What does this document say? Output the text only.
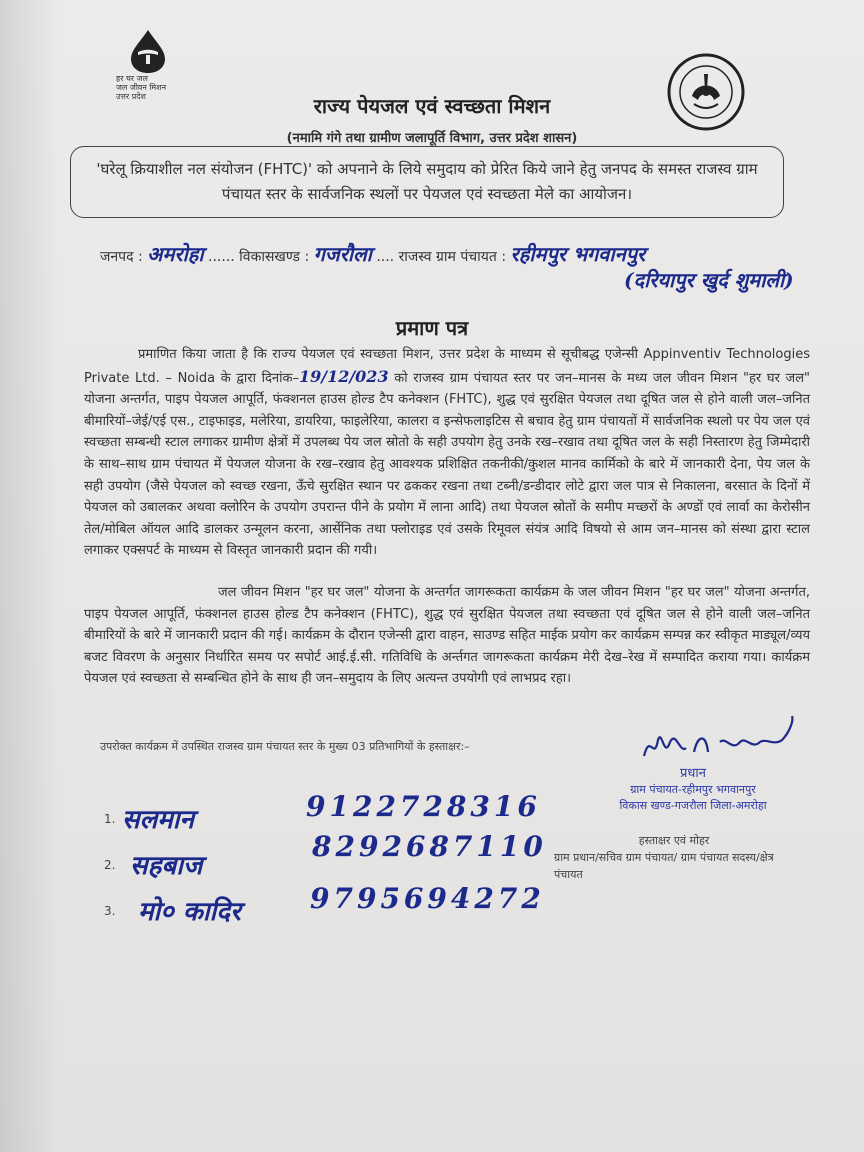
हर घर जल
जल जीवन मिशन
उत्तर प्रदेश	राज्य पेयजल एवं स्वच्छता मिशन
(नमामि गंगे तथा ग्रामीण जलापूर्ति विभाग, उत्तर प्रदेश शासन)
'घरेलू क्रियाशील नल संयोजन (FHTC)' को अपनाने के लिये समुदाय को प्रेरित किये जाने हेतु जनपद के समस्त राजस्व ग्राम पंचायत स्तर के सार्वजनिक स्थलों पर पेयजल एवं स्वच्छता मेले का आयोजन।
जनपद : अमरोहा ...... विकासखण्ड : गजरौला .... राजस्व ग्राम पंचायत : रहीमपुर भगवानपुर
(दरियापुर खुर्द शुमाली)
प्रमाण पत्र
प्रमाणित किया जाता है कि राज्य पेयजल एवं स्वच्छता मिशन, उत्तर प्रदेश के माध्यम से सूचीबद्ध एजेन्सी Appinventiv Technologies Private Ltd. – Noida के द्वारा दिनांक–19/12/023 को राजस्व ग्राम पंचायत स्तर पर जन–मानस के मध्य जल जीवन मिशन "हर घर जल" योजना अन्तर्गत, पाइप पेयजल आपूर्ति, फंक्शनल हाउस होल्ड टैप कनेक्शन (FHTC), शुद्ध एवं सुरक्षित पेयजल तथा दूषित जल से होने वाली जल–जनित बीमारियों–जेई/एई एस., टाइफाइड, मलेरिया, डायरिया, फाइलेरिया, कालरा व इन्सेफलाइटिस से बचाव हेतु ग्राम पंचायतों में सार्वजनिक स्थलो पर पेय जल एवं स्वच्छता सम्बन्धी स्टाल लगाकर ग्रामीण क्षेत्रों में उपलब्ध पेय जल स्रोतो के सही उपयोग हेतु उनके रख–रखाव तथा दूषित जल के सही निस्तारण हेतु जिम्मेदारी के साथ–साथ ग्राम पंचायत में पेयजल योजना के रख–रखाव हेतु आवश्यक प्रशिक्षित तकनीकी/कुशल मानव कार्मिको के बारे में जानकारी देना, पेय जल के सही उपयोग (जैसे पेयजल को स्वच्छ रखना, ऊँचे सुरक्षित स्थान पर ढककर रखना तथा टब्नी/डन्डीदार लोटे द्वारा जल पात्र से निकालना, बरसात के दिनों में पेयजल को उबालकर अथवा क्लोरिन के उपयोग उपरान्त पीने के प्रयोग में लाना आदि) तथा पेयजल स्रोतों के समीप मच्छरों के अण्डों एवं लार्वा का केरोसीन तेल/मोबिल ऑयल आदि डालकर उन्मूलन करना, आर्सेनिक तथा फ्लोराइड एवं उसके रिमूवल संयंत्र आदि विषयो से आम जन–मानस को संस्था द्वारा स्टाल लगाकर एक्सपर्ट के माध्यम से विस्तृत जानकारी प्रदान की गयी।
जल जीवन मिशन "हर घर जल" योजना के अन्तर्गत जागरूकता कार्यक्रम के जल जीवन मिशन "हर घर जल" योजना अन्तर्गत, पाइप पेयजल आपूर्ति, फंक्शनल हाउस होल्ड टैप कनेक्शन (FHTC), शुद्ध एवं सुरक्षित पेयजल तथा स्वच्छता एवं दूषित जल से होने वाली जल–जनित बीमारियों के बारे में जानकारी प्रदान की गई। कार्यक्रम के दौरान एजेन्सी द्वारा वाहन, साउण्ड सहित माईक प्रयोग कर कार्यक्रम सम्पन्न कर स्वीकृत माड्यूल/व्यय बजट विवरण के अनुसार निर्धारित समय पर सपोर्ट आई.ई.सी. गतिविधि के अर्न्तगत जागरूकता कार्यक्रम मेरी देख–रेख में सम्पादित कराया गया। कार्यक्रम पेयजल एवं स्वच्छता से सम्बन्धित होने के साथ ही जन–समुदाय के लिए अत्यन्त उपयोगी एवं लाभप्रद रहा।
उपरोक्त कार्यक्रम में उपस्थित राजस्व ग्राम पंचायत स्तर के मुख्य 03 प्रतिभागियों के हस्ताक्षर:–
प्रधान
ग्राम पंचायत-रहीमपुर भगवानपुर
विकास खण्ड-गजरौला जिला-अमरोहा
हस्ताक्षर एवं मोहर
ग्राम प्रधान/सचिव ग्राम पंचायत/ ग्राम पंचायत सदस्य/क्षेत्र पंचायत
1. सलमान	9122728316
2. सहबाज
8292687110
3. मो० कादिर 9795694272
